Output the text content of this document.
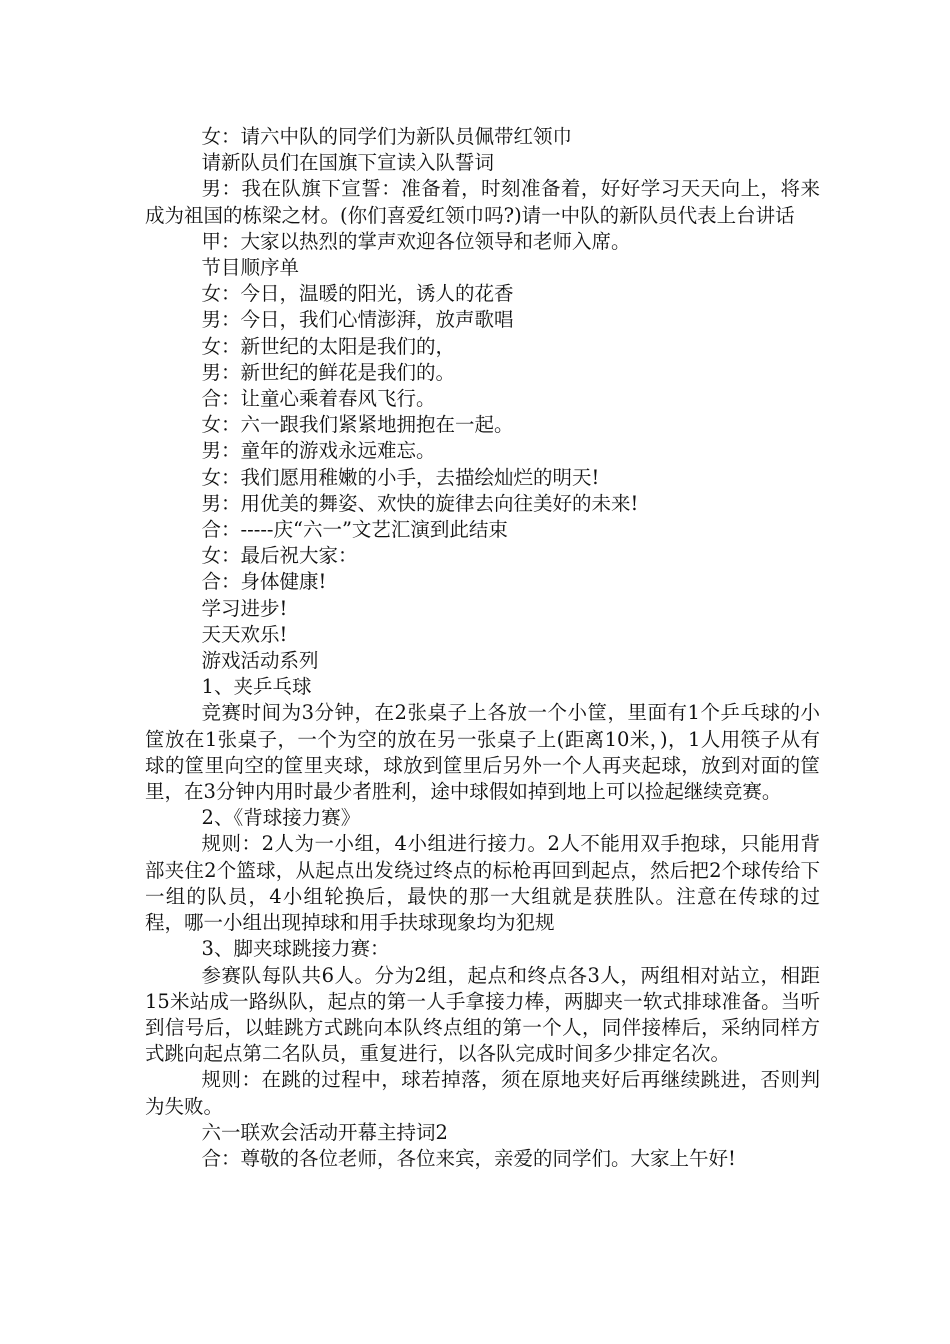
女：请六中队的同学们为新队员佩带红领巾

请新队员们在国旗下宣读入队誓词

男：我在队旗下宣誓：准备着，时刻准备着，好好学习天天向上，将来成为祖国的栋梁之材。(你们喜爱红领巾吗?)请一中队的新队员代表上台讲话

甲：大家以热烈的掌声欢迎各位领导和老师入席。

节目顺序单

女：今日，温暖的阳光，诱人的花香

男：今日，我们心情澎湃，放声歌唱

女：新世纪的太阳是我们的，

男：新世纪的鲜花是我们的。

合：让童心乘着春风飞行。

女：六一跟我们紧紧地拥抱在一起。

男：童年的游戏永远难忘。

女：我们愿用稚嫩的小手，去描绘灿烂的明天!

男：用优美的舞姿、欢快的旋律去向往美好的未来!

合：-----庆“六一”文艺汇演到此结束

女：最后祝大家：

合：身体健康!

学习进步!

天天欢乐!

游戏活动系列

1、夹乒乓球

竞赛时间为3分钟，在2张桌子上各放一个小筐，里面有1个乒乓球的小筐放在1张桌子，一个为空的放在另一张桌子上(距离10米，)，1人用筷子从有球的筐里向空的筐里夹球，球放到筐里后另外一个人再夹起球，放到对面的筐里，在3分钟内用时最少者胜利，途中球假如掉到地上可以捡起继续竞赛。

2、《背球接力赛》

规则：2人为一小组，4小组进行接力。2人不能用双手抱球，只能用背部夹住2个篮球，从起点出发绕过终点的标枪再回到起点，然后把2个球传给下一组的队员，4小组轮换后，最快的那一大组就是获胜队。注意在传球的过程，哪一小组出现掉球和用手扶球现象均为犯规

3、脚夹球跳接力赛：

参赛队每队共6人。分为2组，起点和终点各3人，两组相对站立，相距15米站成一路纵队，起点的第一人手拿接力棒，两脚夹一软式排球准备。当听到信号后，以蛙跳方式跳向本队终点组的第一个人，同伴接棒后，采纳同样方式跳向起点第二名队员，重复进行，以各队完成时间多少排定名次。

规则：在跳的过程中，球若掉落，须在原地夹好后再继续跳进，否则判为失败。

六一联欢会活动开幕主持词2

合：尊敬的各位老师，各位来宾，亲爱的同学们。大家上午好!
